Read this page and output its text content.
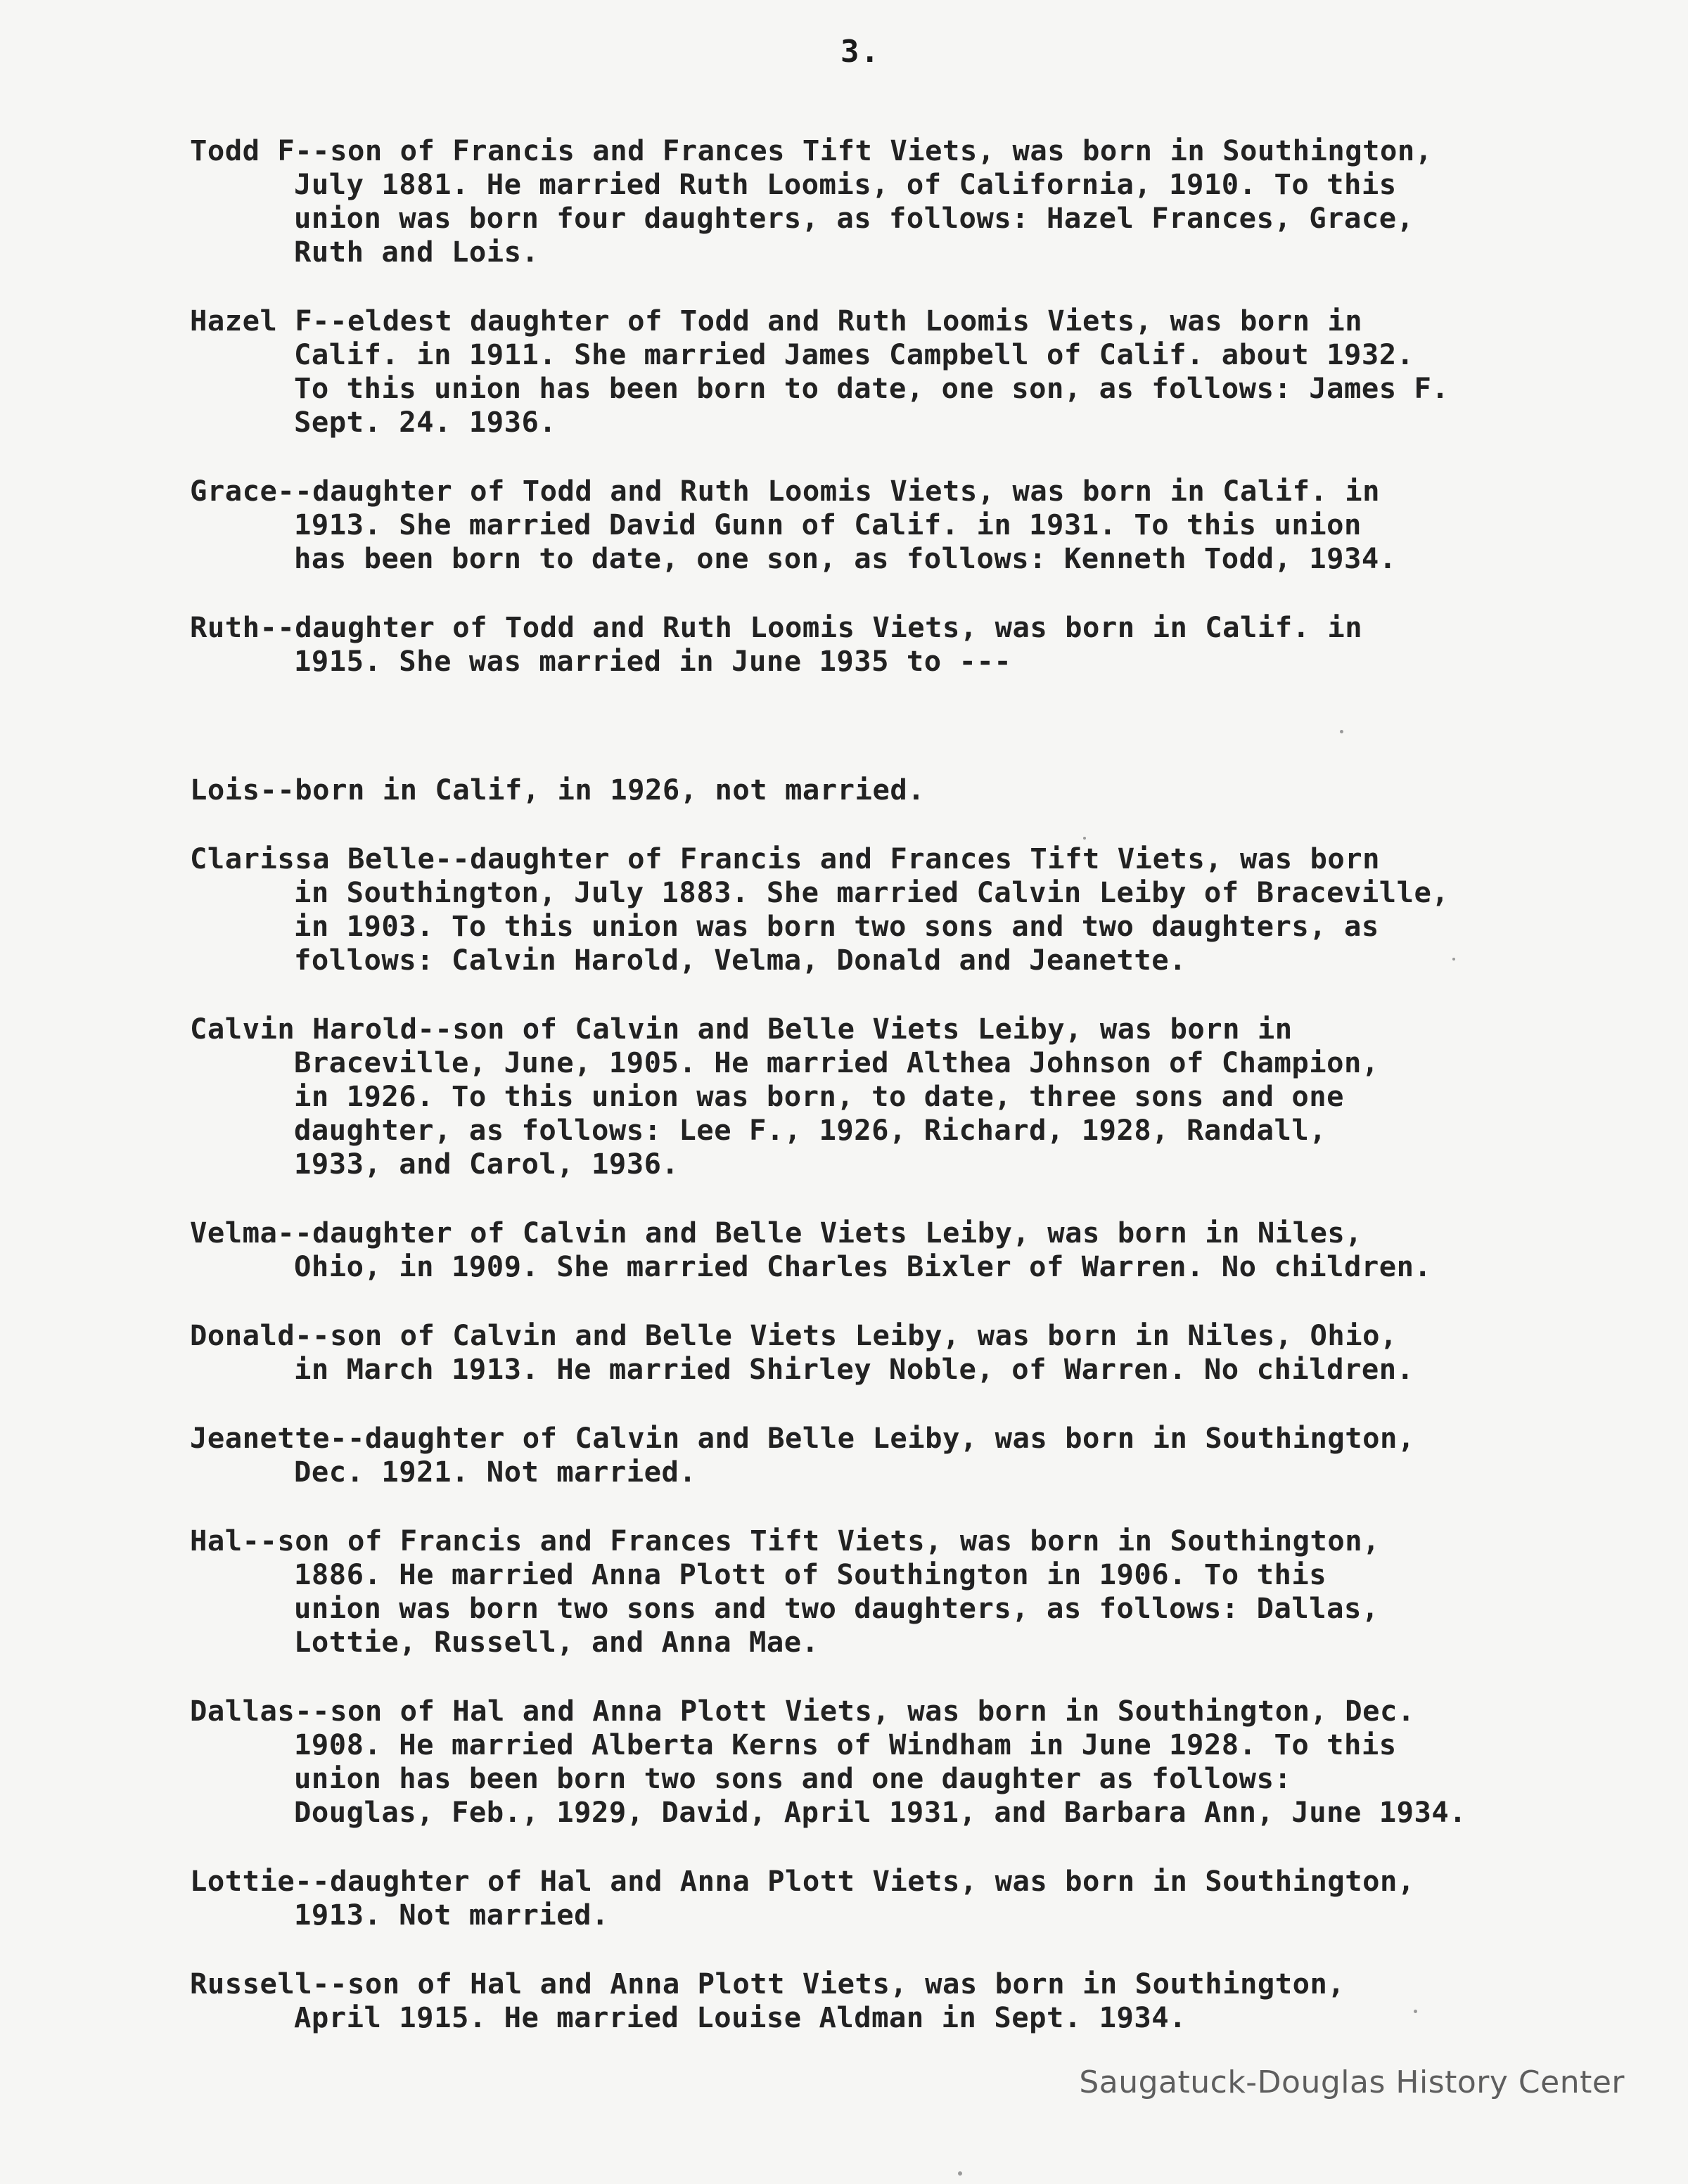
3.

Todd F--son of Francis and Frances Tift Viets, was born in Southington,
July 1881. He married Ruth Loomis, of California, 1910. To this
union was born four daughters, as follows: Hazel Frances, Grace,
Ruth and Lois.

Hazel F--eldest daughter of Todd and Ruth Loomis Viets, was born in
Calif. in 1911. She married James Campbell of Calif. about 1932.
To this union has been born to date, one son, as follows: James F.
Sept. 24. 1936.

Grace--daughter of Todd and Ruth Loomis Viets, was born in Calif. in
1913. She married David Gunn of Calif. in 1931. To this union
has been born to date, one son, as follows: Kenneth Todd, 1934.

Ruth--daughter of Todd and Ruth Loomis Viets, was born in Calif. in
1915. She was married in June 1935 to ---

Lois--born in Calif, in 1926, not married.

Clarissa Belle--daughter of Francis and Frances Tift Viets, was born
in Southington, July 1883. She married Calvin Leiby of Braceville,
in 1903. To this union was born two sons and two daughters, as
follows: Calvin Harold, Velma, Donald and Jeanette.

Calvin Harold--son of Calvin and Belle Viets Leiby, was born in
Braceville, June, 1905. He married Althea Johnson of Champion,
in 1926. To this union was born, to date, three sons and one
daughter, as follows: Lee F., 1926, Richard, 1928, Randall,
1933, and Carol, 1936.

Velma--daughter of Calvin and Belle Viets Leiby, was born in Niles,
Ohio, in 1909. She married Charles Bixler of Warren. No children.

Donald--son of Calvin and Belle Viets Leiby, was born in Niles, Ohio,
in March 1913. He married Shirley Noble, of Warren. No children.

Jeanette--daughter of Calvin and Belle Leiby, was born in Southington,
Dec. 1921. Not married.

Hal--son of Francis and Frances Tift Viets, was born in Southington,
1886. He married Anna Plott of Southington in 1906. To this
union was born two sons and two daughters, as follows: Dallas,
Lottie, Russell, and Anna Mae.

Dallas--son of Hal and Anna Plott Viets, was born in Southington, Dec.
1908. He married Alberta Kerns of Windham in June 1928. To this
union has been born two sons and one daughter as follows:
Douglas, Feb., 1929, David, April 1931, and Barbara Ann, June 1934.

Lottie--daughter of Hal and Anna Plott Viets, was born in Southington,
1913. Not married.

Russell--son of Hal and Anna Plott Viets, was born in Southington,
April 1915. He married Louise Aldman in Sept. 1934.

Saugatuck-Douglas History Center
